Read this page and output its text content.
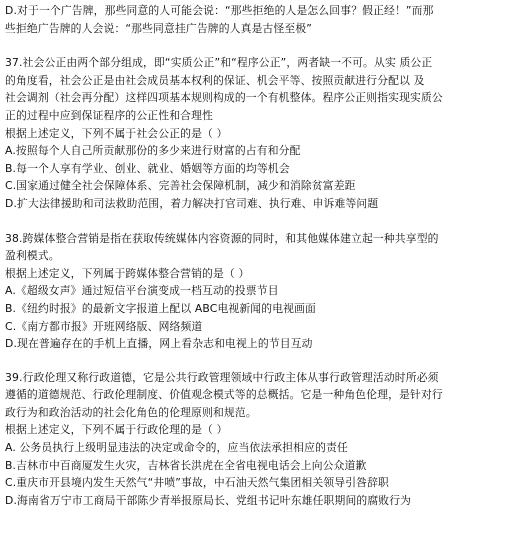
D.对于一个广告牌，那些同意的人可能会说：“那些拒绝的人是怎么回事？假正经！”而那
些拒绝广告牌的人会说：“那些同意挂广告牌的人真是古怪至极”
37.社会公正由两个部分组成，即“实质公正”和“程序公正”，两者缺一不可。从实 质公正
的角度看，社会公正是由社会成员基本权利的保证、机会平等、按照贡献进行分配以 及
社会调剂（社会再分配）这样四项基本规则构成的一个有机整体。程序公正则指实现实质公
正的过程中应到保证程序的公正性和合理性
根据上述定义，下列不属于社会公正的是（ ）
A.按照每个人自己所贡献那份的多少来进行财富的占有和分配
B.每一个人享有学业、创业、就业、婚姻等方面的均等机会
C.国家通过健全社会保障体系、完善社会保障机制，减少和消除贫富差距
D.扩大法律援助和司法救助范围，着力解决打官司难、执行难、申诉难等问题
38.跨媒体整合营销是指在获取传统媒体内容资源的同时，和其他媒体建立起一种共享型的
盈利模式。
根据上述定义，下列属于跨媒体整合营销的是（ ）
A.《超级女声》通过短信平台演变成一档互动的投票节目
B.《纽约时报》的最新文字报道上配以 ABC电视新闻的电视画面
C.《南方都市报》开班网络版、网络频道
D.现在普遍存在的手机上直播，网上看杂志和电视上的节目互动
39.行政伦理又称行政道德，它是公共行政管理领域中行政主体从事行政管理活动时所必须
遵循的道德规范、行政伦理制度、价值观念模式等的总概括。它是一种角色伦理，是针对行
政行为和政治活动的社会化角色的伦理原则和规范。
根据上述定义，下列不属于行政伦理的是（ ）
A. 公务员执行上级明显违法的决定或命令的，应当依法承担相应的责任
B.吉林市中百商厦发生火灾，吉林省长洪虎在全省电视电话会上向公众道歉
C.重庆市开县境内发生天然气“井喷”事故，中石油天然气集团相关领导引咎辞职
D.海南省万宁市工商局干部陈少青举报原局长、党组书记叶东雄任职期间的腐败行为
